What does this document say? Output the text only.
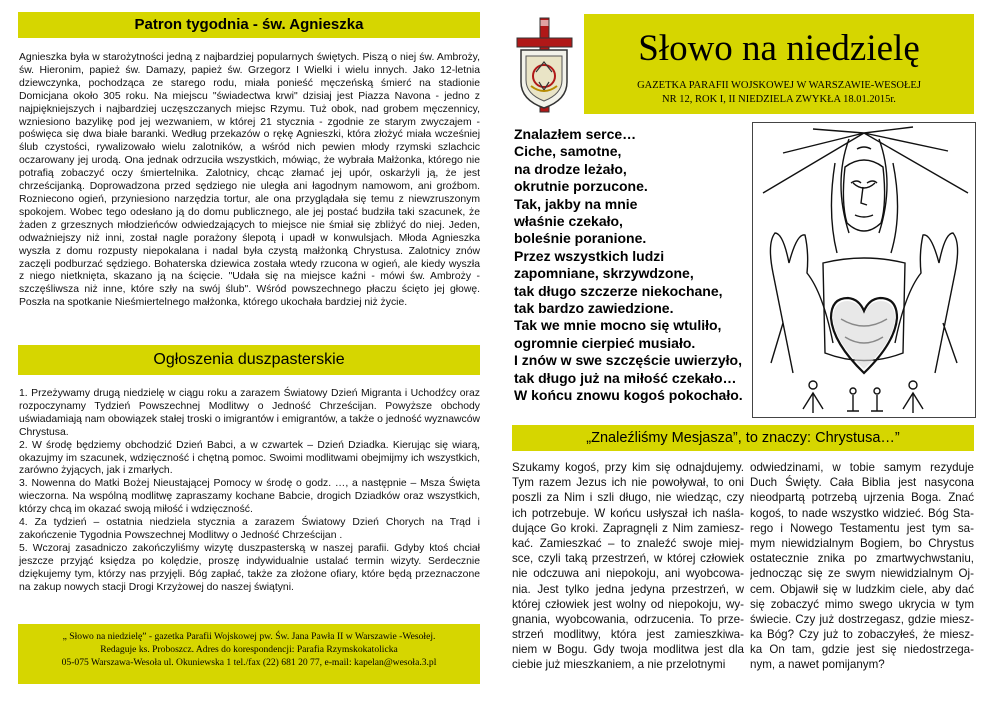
Patron tygodnia - św. Agnieszka
Agnieszka była w starożytności jedną z najbardziej popularnych świętych. Piszą o niej św. Ambroży, św. Hieronim, papież św. Damazy, papież św. Grzegorz I Wielki i wielu innych. Jako 12-letnia dziewczynka, pochodząca ze starego rodu, miała ponieść męczeńską śmierć na stadionie Domicjana około 305 roku. Na miejscu "świadectwa krwi" dzisiaj jest Piazza Navona - jedno z najpiękniejszych i najbardziej uczęszczanych miejsc Rzymu. Tuż obok, nad grobem męczennicy, wzniesiono bazylikę pod jej wezwaniem, w której 21 stycznia - zgodnie ze starym zwyczajem - poświęca się dwa białe baranki. Według przekazów o rękę Agnieszki, która złożyć miała wcześniej ślub czystości, rywalizowało wielu zalotników, a wśród nich pewien młody rzymski szlachcic oczarowany jej urodą. Ona jednak odrzuciła wszystkich, mówiąc, że wybrała Małżonka, którego nie potrafią zobaczyć oczy śmiertelnika. Zalotnicy, chcąc złamać jej upór, oskarżyli ją, że jest chrześcijanką. Doprowadzona przed sędziego nie uległa ani łagodnym namowom, ani groźbom. Rozniecono ogień, przyniesiono narzędzia tortur, ale ona przyglądała się temu z niewzruszonym spokojem. Wobec tego odesłano ją do domu publicznego, ale jej postać budziła taki szacunek, że żaden z grzesznych młodzieńców odwiedzających to miejsce nie śmiał się zbliżyć do niej. Jeden, odważniejszy niż inni, został nagle porażony ślepotą i upadł w konwulsjach. Młoda Agnieszka wyszła z domu rozpusty niepokalana i nadal była czystą małżonką Chrystusa. Zalotnicy znów zaczęli podburzać sędziego. Bohaterska dziewica została wtedy rzucona w ogień, ale kiedy wyszła z niego nietknięta, skazano ją na ścięcie. "Udała się na miejsce kaźni - mówi św. Ambroży - szczęśliwsza niż inne, które szły na swój ślub". Wśród powszechnego płaczu ścięto jej głowę. Poszła na spotkanie Nieśmiertelnego małżonka, którego ukochała bardziej niż życie.
Ogłoszenia duszpasterskie

1. Przeżywamy drugą niedzielę w ciągu roku a zarazem Światowy Dzień Migranta i Uchodźcy oraz rozpoczynamy Tydzień Powszechnej Modlitwy o Jedność Chrześcijan. Powyższe obchody uświadamiają nam obowiązek stałej troski o imigrantów i emigrantów, a także o jedność wyznawców Chrystusa.

2. W środę będziemy obchodzić Dzień Babci, a w czwartek – Dzień Dziadka. Kierując się wiarą, okazujmy im szacunek, wdzięczność i chętną pomoc. Swoimi modlitwami obejmijmy ich wszystkich, zarówno żyjących, jak i zmarłych.

3. Nowenna do Matki Bożej Nieustającej Pomocy w środę o godz. …, a następnie – Msza Święta wieczorna. Na wspólną modlitwę zapraszamy kochane Babcie, drogich Dziadków oraz wszystkich, którzy chcą im okazać swoją miłość i wdzięczność.

4. Za tydzień – ostatnia niedziela stycznia a zarazem Światowy Dzień Chorych na Trąd i zakończenie Tygodnia Powszechnej Modlitwy o Jedność Chrześcijan .

5. Wczoraj zasadniczo zakończyliśmy wizytę duszpasterską w naszej parafii. Gdyby ktoś chciał jeszcze przyjąć księdza po kolędzie, proszę indywidualnie ustalać termin wizyty. Serdecznie dziękujemy tym, którzy nas przyjęli. Bóg zapłać, także za złożone ofiary, które będą przeznaczone na zakup nowych stacji Drogi Krzyżowej do naszej świątyni.

„ Słowo na niedzielę” - gazetka Parafii Wojskowej pw. Św. Jana Pawła II w Warszawie -Wesołej.
Redaguje ks. Proboszcz. Adres do korespondencji: Parafia Rzymskokatolicka
05-075 Warszawa-Wesoła ul. Okuniewska 1 tel./fax (22) 681 20 77, e-mail: kapelan@wesoła.3.pl
Słowo na niedzielę
GAZETKA PARAFII WOJSKOWEJ W WARSZAWIE-WESOŁEJ
NR 12, ROK I, II NIEDZIELA ZWYKŁA 18.01.2015r.
Znalazłem serce…
Ciche, samotne,
na drodze leżało,
okrutnie porzucone.
Tak, jakby na mnie
właśnie czekało,
boleśnie poranione.
Przez wszystkich ludzi
zapomniane, skrzywdzone,
tak długo szczerze niekochane,
tak bardzo zawiedzione.
Tak we mnie mocno się wtuliło,
ogromnie cierpieć musiało.
I znów w swe szczęście uwierzyło,
tak długo już na miłość czekało…
W końcu znowu kogoś pokochało.
„Znaleźliśmy Mesjasza”, to znaczy: Chrystusa…”
Szukamy kogoś, przy kim się odnajdujemy.
Tym razem Jezus ich nie powoływał, to oni
poszli za Nim i szli długo, nie wiedząc, czy
ich potrzebuje. W końcu usłyszał ich naśla-
dujące Go kroki. Zapragnęli z Nim zamiesz-
kać. Zamieszkać – to znaleźć swoje miej-
sce, czyli taką przestrzeń, w której człowiek
nie odczuwa ani niepokoju, ani wyobcowa-
nia. Jest tylko jedna jedyna przestrzeń, w
której człowiek jest wolny od niepokoju, wy-
gnania, wyobcowania, odrzucenia. To prze-
strzeń modlitwy, która jest zamieszkiwa-
niem w Bogu. Gdy twoja modlitwa jest dla
ciebie już mieszkaniem, a nie przelotnymi
odwiedzinami, w tobie samym rezyduje
Duch Święty. Cała Biblia jest nasycona
nieodpartą potrzebą ujrzenia Boga. Znać
kogoś, to nade wszystko widzieć. Bóg Sta-
rego i Nowego Testamentu jest tym sa-
mym niewidzialnym Bogiem, bo Chrystus
ostatecznie znika po zmartwychwstaniu,
jednocząc się ze swym niewidzialnym Oj-
cem. Objawił się w ludzkim ciele, aby dać
się zobaczyć mimo swego ukrycia w tym
świecie. Czy już dostrzegasz, gdzie miesz-
ka Bóg? Czy już to zobaczyłeś, że miesz-
ka On tam, gdzie jest się niedostrzega-
nym, a nawet pomijanym?
